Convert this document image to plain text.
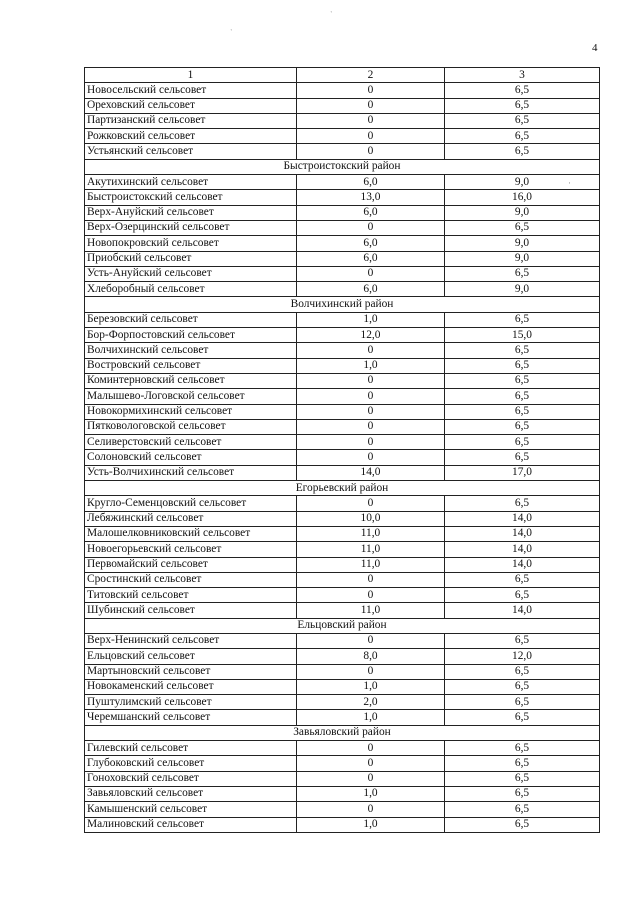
4
ˑ
ˑ
·
1	2	3
Новосельский сельсовет	0	6,5
Ореховский сельсовет	0	6,5
Партизанский сельсовет	0	6,5
Рожковский сельсовет	0	6,5
Устьянский сельсовет	0	6,5
Быстроистокский район		
Акутихинский сельсовет	6,0	9,0
Быстроистокский сельсовет	13,0	16,0
Верх-Ануйский сельсовет	6,0	9,0
Верх-Озерцинский сельсовет	0	6,5
Новопокровский сельсовет	6,0	9,0
Приобский сельсовет	6,0	9,0
Усть-Ануйский сельсовет	0	6,5
Хлеборобный сельсовет	6,0	9,0
Волчихинский район		
Березовский сельсовет	1,0	6,5
Бор-Форпостовский сельсовет	12,0	15,0
Волчихинский сельсовет	0	6,5
Востровский сельсовет	1,0	6,5
Коминтерновский сельсовет	0	6,5
Малышево-Логовской сельсовет	0	6,5
Новокормихинский сельсовет	0	6,5
Пятковологовской сельсовет	0	6,5
Селиверстовский сельсовет	0	6,5
Солоновский сельсовет	0	6,5
Усть-Волчихинский сельсовет	14,0	17,0
Егорьевский район		
Кругло-Семенцовский сельсовет	0	6,5
Лебяжинский сельсовет	10,0	14,0
Малошелковниковский сельсовет	11,0	14,0
Новоегорьевский сельсовет	11,0	14,0
Первомайский сельсовет	11,0	14,0
Сростинский сельсовет	0	6,5
Титовский сельсовет	0	6,5
Шубинский сельсовет	11,0	14,0
Ельцовский район		
Верх-Ненинский сельсовет	0	6,5
Ельцовский сельсовет	8,0	12,0
Мартыновский сельсовет	0	6,5
Новокаменский сельсовет	1,0	6,5
Пуштулимский сельсовет	2,0	6,5
Черемшанский сельсовет	1,0	6,5
Завьяловский район		
Гилевский сельсовет	0	6,5
Глубоковский сельсовет	0	6,5
Гоноховский сельсовет	0	6,5
Завьяловский сельсовет	1,0	6,5
Камышенский сельсовет	0	6,5
Малиновский сельсовет	1,0	6,5
